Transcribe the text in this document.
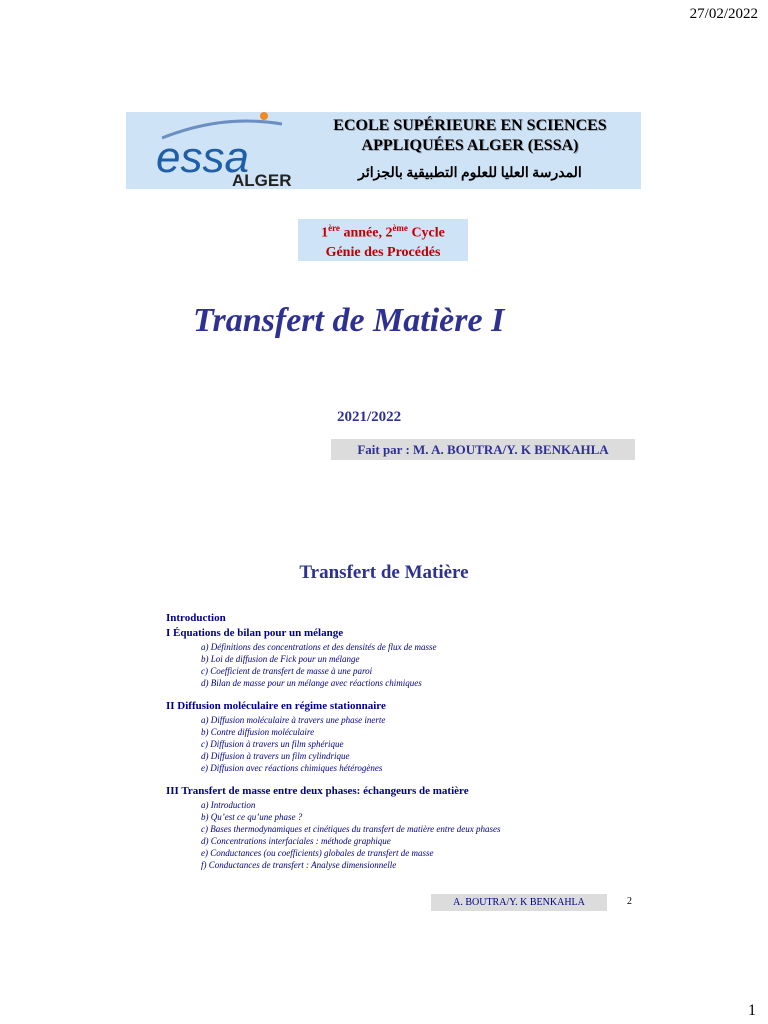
27/02/2022
essa
ALGER
ECOLE SUPÉRIEURE EN SCIENCES
APPLIQUÉES ALGER (ESSA)
المدرسة العليا للعلوم التطبيقية بالجزائر
1ère année, 2ème Cycle
Génie des Procédés
Transfert de Matière I
2021/2022
Fait par : M. A. BOUTRA/Y. K BENKAHLA
Transfert de Matière
Introduction
I Équations de bilan pour un mélange
a) Définitions des concentrations et des densités de flux de masse
b) Loi de diffusion de Fick pour un mélange
c) Coefficient de transfert de masse à une paroi
d) Bilan de masse pour un mélange avec réactions chimiques
II Diffusion moléculaire en régime stationnaire
a) Diffusion moléculaire à travers une phase inerte
b) Contre diffusion moléculaire
c) Diffusion à travers un film sphérique
d) Diffusion à travers un film cylindrique
e) Diffusion avec réactions chimiques hétérogènes
III Transfert de masse entre deux phases: échangeurs de matière
a) Introduction
b) Qu’est ce qu’une phase ?
c) Bases thermodynamiques et cinétiques du transfert de matière entre deux phases
d) Concentrations interfaciales : méthode graphique
e) Conductances (ou coefficients) globales de transfert de masse
f) Conductances de transfert : Analyse dimensionnelle
A. BOUTRA/Y. K BENKAHLA	2
1
